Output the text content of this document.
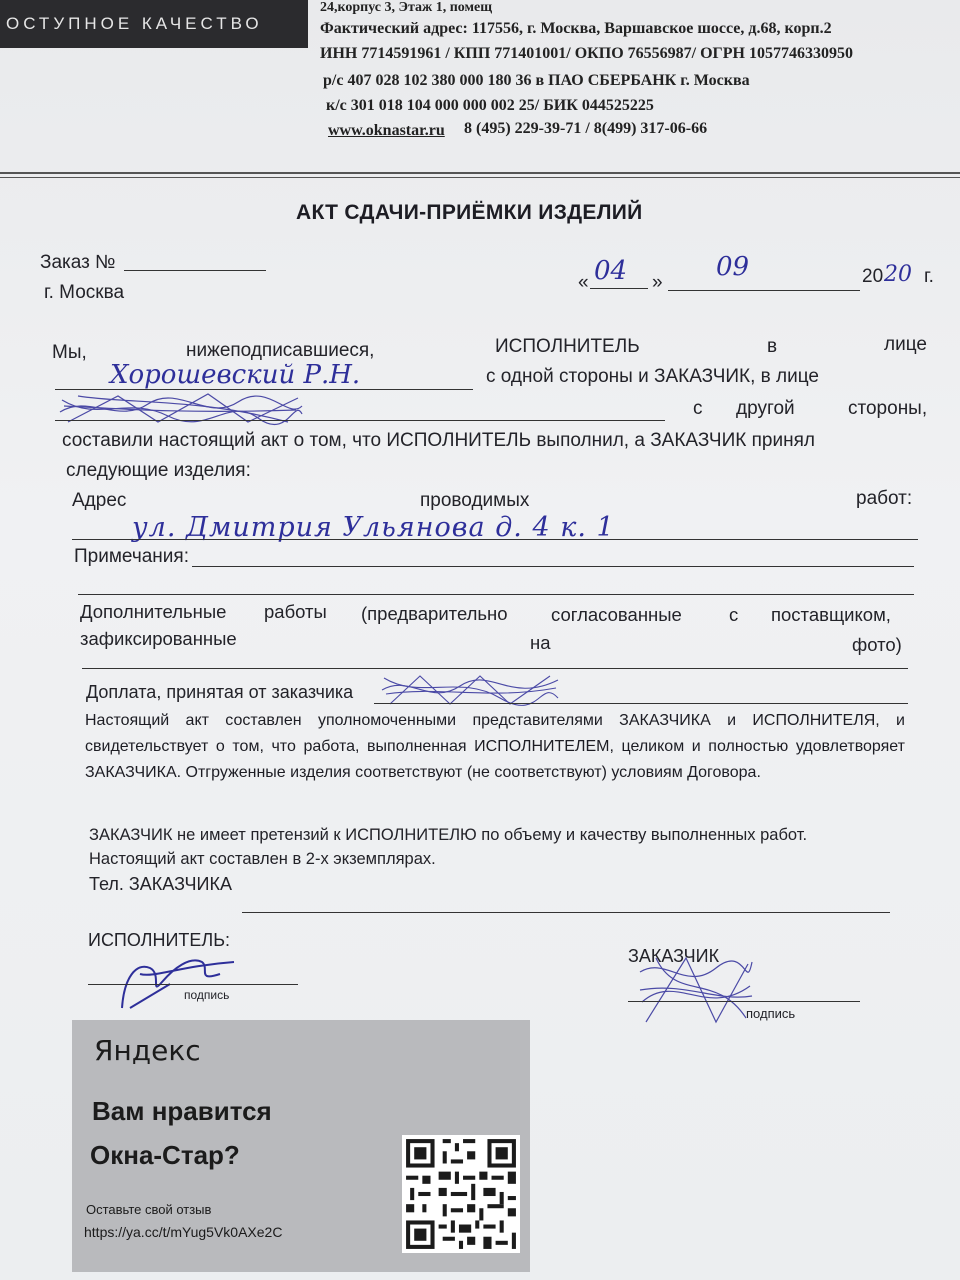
ОСТУПНОЕ КАЧЕСТВО
24,корпус 3, Этаж 1, помещ
Фактический адрес: 117556, г. Москва, Варшавское шоссе, д.68, корп.2
ИНН 7714591961 / КПП 771401001/ ОКПО 76556987/ ОГРН 1057746330950
р/с 407 028 102 380 000 180 36 в ПАО СБЕРБАНК г. Москва
к/с 301 018 104 000 000 002 25/ БИК 044525225
www.oknastar.ru 8 (495) 229-39-71 / 8(499) 317-06-66
АКТ СДАЧИ-ПРИЁМКИ ИЗДЕЛИЙ
Заказ №
г. Москва	« 04 »
09	20 20 г.
Мы,	нижеподписавшиеся,	ИСПОЛНИТЕЛЬ	в	лице
Хорошевский Р.Н.	с одной стороны и ЗАКАЗЧИК, в лице
с другой	стороны,
составили настоящий акт о том, что ИСПОЛНИТЕЛЬ выполнил, а ЗАКАЗЧИК принял
следующие изделия:
Адрес	проводимых	работ:
ул. Дмитрия Ульянова д. 4 к. 1
Примечания:
Дополнительные работы (предварительно согласованные	с поставщиком,
зафиксированные	на	фото)
Доплата, принятая от заказчика
Настоящий акт составлен уполномоченными представителями ЗАКАЗЧИКА и ИСПОЛНИТЕЛЯ, и свидетельствует о том, что работа, выполненная ИСПОЛНИТЕЛЕМ, целиком и полностью удовлетворяет ЗАКАЗЧИКА. Отгруженные изделия соответствуют (не соответствуют) условиям Договора.
ЗАКАЗЧИК не имеет претензий к ИСПОЛНИТЕЛЮ по объему и качеству выполненных работ.
Настоящий акт составлен в 2-х экземплярах.
Тел. ЗАКАЗЧИКА
ИСПОЛНИТЕЛЬ:
подпись
ЗАКАЗЧИК
подпись
Яндекс
Вам нравится
Окна-Стар?
Оставьте свой отзыв
https://ya.cc/t/mYug5Vk0AXe2C
